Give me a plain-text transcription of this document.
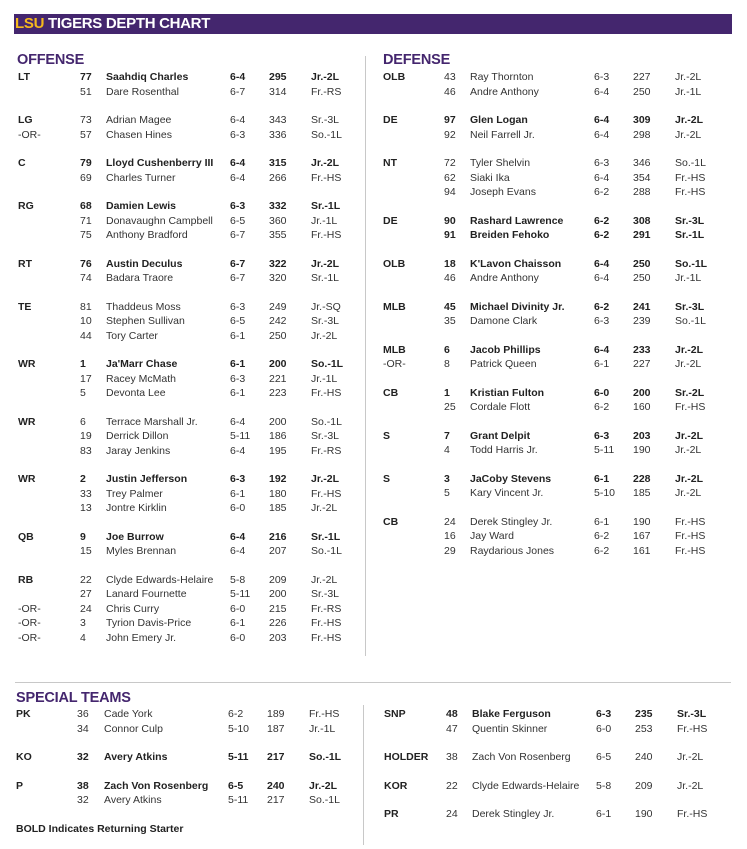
LSU TIGERS DEPTH CHART
OFFENSE	DEFENSE
SPECIAL TEAMS
LT	77 Saahdiq Charles	6-4 295 Jr.-2L
51 Dare Rosenthal	6-7 314 Fr.-RS
LG	73 Adrian Magee	6-4 343 Sr.-3L
-OR-	57 Chasen Hines	6-3 336 So.-1L
C	79 Lloyd Cushenberry III 6-4 315 Jr.-2L
69 Charles Turner	6-4 266 Fr.-HS
RG	68 Damien Lewis	6-3 332 Sr.-1L
71 Donavaughn Campbell 6-5 360 Jr.-1L
75 Anthony Bradford	6-7 355 Fr.-HS
RT	76 Austin Deculus	6-7 322 Jr.-2L
74 Badara Traore	6-7 320 Sr.-1L
TE	81 Thaddeus Moss	6-3 249 Jr.-SQ
10 Stephen Sullivan	6-5 242 Sr.-3L
44 Tory Carter	6-1 250 Jr.-2L
WR	1 Ja'Marr Chase	6-1 200 So.-1L
17 Racey McMath	6-3 221 Jr.-1L
5 Devonta Lee	6-1 223 Fr.-HS
WR	6 Terrace Marshall Jr.	6-4 200 So.-1L
19 Derrick Dillon	5-11 186 Sr.-3L
83 Jaray Jenkins	6-4 195 Fr.-RS
WR	2 Justin Jefferson	6-3 192 Jr.-2L
33 Trey Palmer	6-1 180 Fr.-HS
13 Jontre Kirklin	6-0 185 Jr.-2L
QB	9 Joe Burrow	6-4 216 Sr.-1L
15 Myles Brennan	6-4 207 So.-1L
RB	22 Clyde Edwards-Helaire 5-8 209 Jr.-2L
27 Lanard Fournette	5-11 200 Sr.-3L
-OR-	24 Chris Curry	6-0 215 Fr.-RS
-OR-	3 Tyrion Davis-Price	6-1 226 Fr.-HS
-OR-	4 John Emery Jr.	6-0 203 Fr.-HS
OLB	43 Ray Thornton	6-3 227 Jr.-2L
46 Andre Anthony	6-4 250 Jr.-1L
DE	97 Glen Logan	6-4 309 Jr.-2L
92 Neil Farrell Jr.	6-4 298 Jr.-2L
NT	72 Tyler Shelvin	6-3 346 So.-1L
62 Siaki Ika	6-4 354 Fr.-HS
94 Joseph Evans	6-2 288 Fr.-HS
DE	90 Rashard Lawrence	6-2 308 Sr.-3L
91 Breiden Fehoko	6-2 291 Sr.-1L
OLB	18 K'Lavon Chaisson	6-4 250 So.-1L
46 Andre Anthony	6-4 250 Jr.-1L
MLB	45 Michael Divinity Jr.	6-2 241 Sr.-3L
35 Damone Clark	6-3 239 So.-1L
MLB	6 Jacob Phillips	6-4 233 Jr.-2L
-OR-	8 Patrick Queen	6-1 227 Jr.-2L
CB	1 Kristian Fulton	6-0 200 Sr.-2L
25 Cordale Flott	6-2 160 Fr.-HS
S	7 Grant Delpit	6-3 203 Jr.-2L
4 Todd Harris Jr.	5-11 190 Jr.-2L
S	3 JaCoby Stevens	6-1 228 Jr.-2L
5 Kary Vincent Jr.	5-10 185 Jr.-2L
CB	24 Derek Stingley Jr.	6-1 190 Fr.-HS
16 Jay Ward	6-2 167 Fr.-HS
29 Raydarious Jones	6-2 161 Fr.-HS
PK	36 Cade York	6-2 189 Fr.-HS
34 Connor Culp	5-10 187 Jr.-1L
KO	32 Avery Atkins	5-11 217 So.-1L
P	38 Zach Von Rosenberg 6-5 240 Jr.-2L
32 Avery Atkins	5-11 217 So.-1L
SNP	48 Blake Ferguson	6-3 235 Sr.-3L
47 Quentin Skinner	6-0 253 Fr.-HS
HOLDER 38 Zach Von Rosenberg 6-5 240 Jr.-2L
KOR	22 Clyde Edwards-Helaire 5-8 209 Jr.-2L
PR	24 Derek Stingley Jr.	6-1 190 Fr.-HS
BOLD Indicates Returning Starter
